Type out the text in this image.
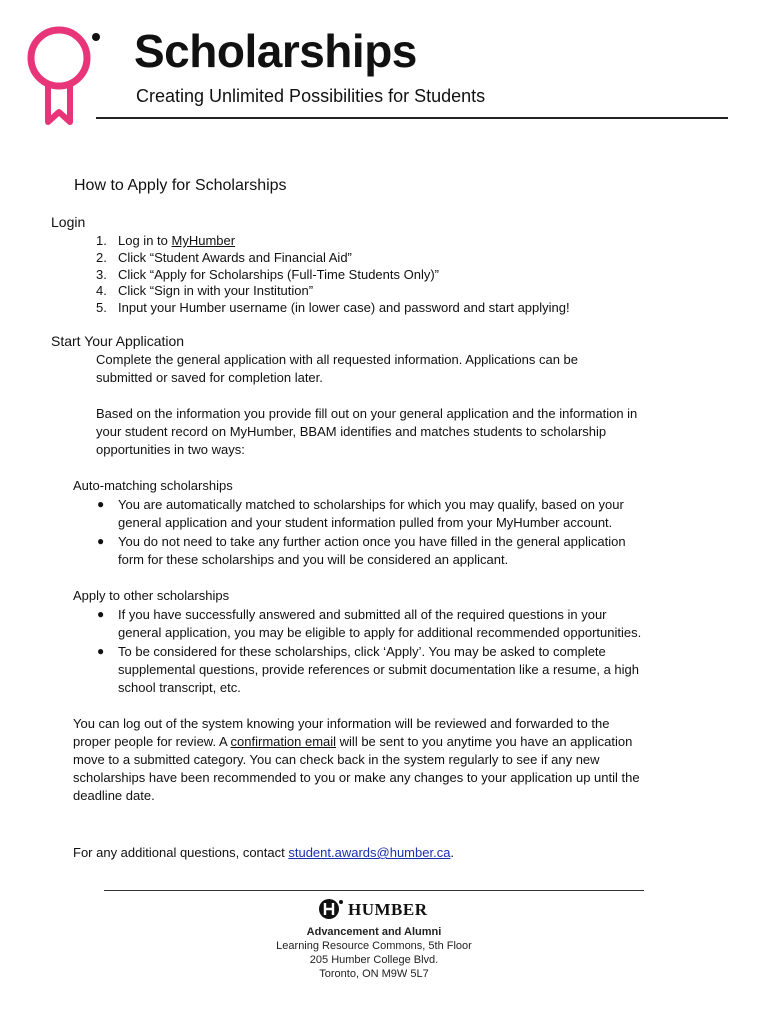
Scholarships
Creating Unlimited Possibilities for Students
How to Apply for Scholarships
Login
1. Log in to MyHumber
2. Click “Student Awards and Financial Aid”
3. Click “Apply for Scholarships (Full-Time Students Only)”
4. Click “Sign in with your Institution”
5. Input your Humber username (in lower case) and password and start applying!
Start Your Application
Complete the general application with all requested information. Applications can be
submitted or saved for completion later.
Based on the information you provide fill out on your general application and the information in
your student record on MyHumber, BBAM identifies and matches students to scholarship
opportunities in two ways:
Auto-matching scholarships
● You are automatically matched to scholarships for which you may qualify, based on your
general application and your student information pulled from your MyHumber account.
● You do not need to take any further action once you have filled in the general application
form for these scholarships and you will be considered an applicant.
Apply to other scholarships
● If you have successfully answered and submitted all of the required questions in your
general application, you may be eligible to apply for additional recommended opportunities.
● To be considered for these scholarships, click ‘Apply’. You may be asked to complete
supplemental questions, provide references or submit documentation like a resume, a high
school transcript, etc.
You can log out of the system knowing your information will be reviewed and forwarded to the
proper people for review. A confirmation email will be sent to you anytime you have an application
move to a submitted category. You can check back in the system regularly to see if any new
scholarships have been recommended to you or make any changes to your application up until the
deadline date.
For any additional questions, contact student.awards@humber.ca.
HUMBER
Advancement and Alumni
Learning Resource Commons, 5th Floor
205 Humber College Blvd.
Toronto, ON M9W 5L7
